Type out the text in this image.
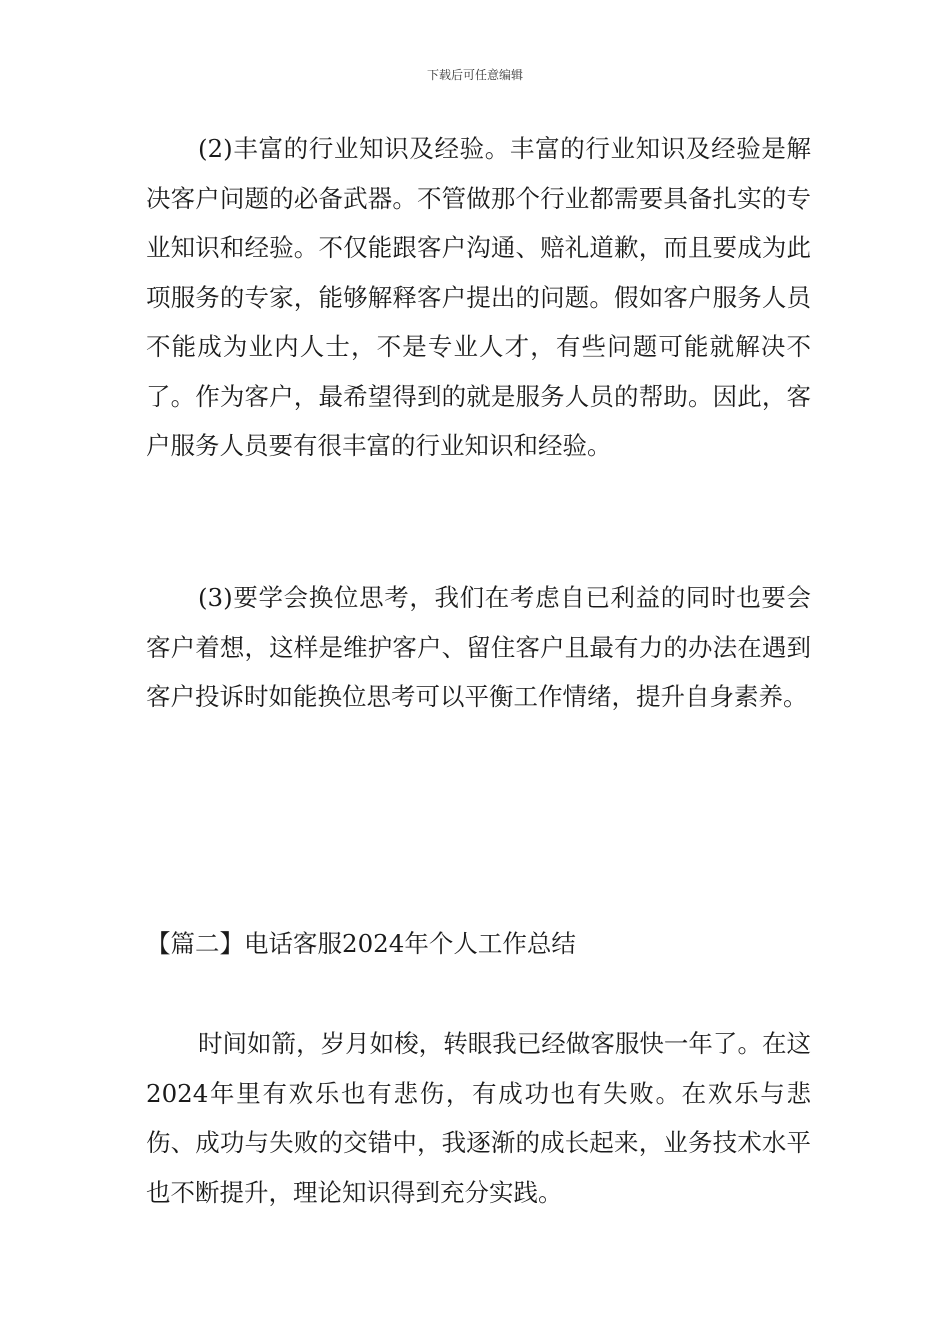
下载后可任意编辑

(2)丰富的行业知识及经验。丰富的行业知识及经验是解决客户问题的必备武器。不管做那个行业都需要具备扎实的专业知识和经验。不仅能跟客户沟通、赔礼道歉，而且要成为此项服务的专家，能够解释客户提出的问题。假如客户服务人员不能成为业内人士，不是专业人才，有些问题可能就解决不了。作为客户，最希望得到的就是服务人员的帮助。因此，客户服务人员要有很丰富的行业知识和经验。

(3)要学会换位思考，我们在考虑自已利益的同时也要会客户着想，这样是维护客户、留住客户且最有力的办法在遇到客户投诉时如能换位思考可以平衡工作情绪，提升自身素养。

【篇二】电话客服2024年个人工作总结

时间如箭，岁月如梭，转眼我已经做客服快一年了。在这2024年里有欢乐也有悲伤，有成功也有失败。在欢乐与悲伤、成功与失败的交错中，我逐渐的成长起来，业务技术水平也不断提升，理论知识得到充分实践。
